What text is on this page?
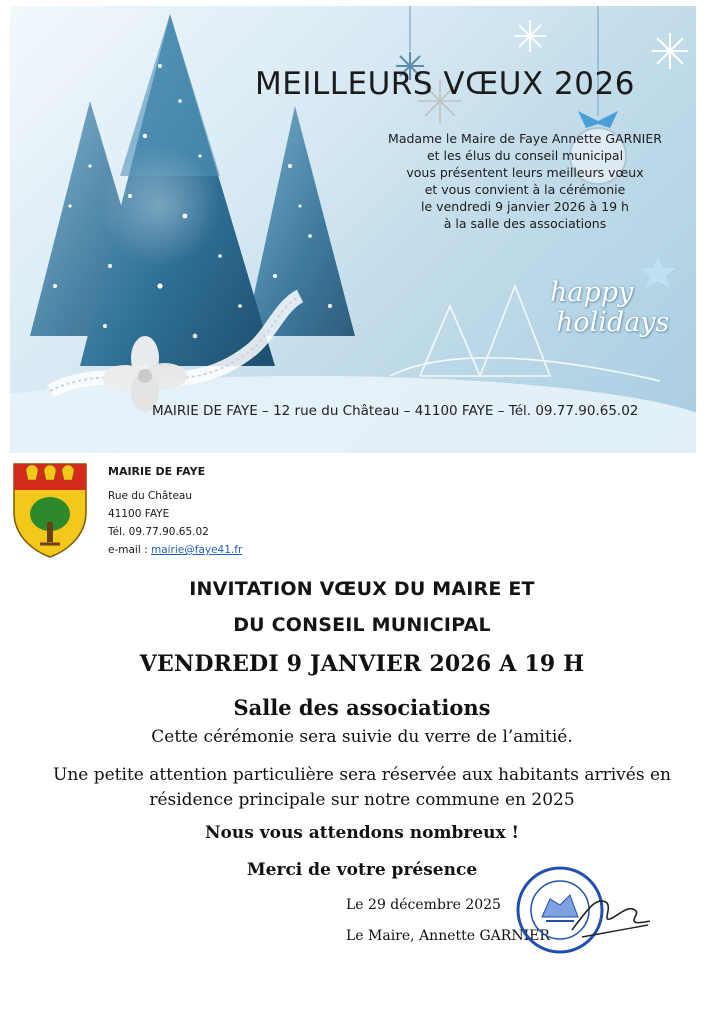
MEILLEURS VŒUX 2026
Madame le Maire de Faye Annette GARNIER
et les élus du conseil municipal
vous présentent leurs meilleurs vœux
et vous convient à la cérémonie
le vendredi 9 janvier 2026 à 19 h
à la salle des associations
happy
holidays
MAIRIE DE FAYE – 12 rue du Château – 41100 FAYE – Tél. 09.77.90.65.02
MAIRIE DE FAYE
Rue du Château
41100 FAYE
Tél. 09.77.90.65.02
e-mail : mairie@faye41.fr
INVITATION VŒUX DU MAIRE ET
DU CONSEIL MUNICIPAL
VENDREDI 9 JANVIER 2026 A 19 H
Salle des associations
Cette cérémonie sera suivie du verre de l’amitié.
Une petite attention particulière sera réservée aux habitants arrivés en
résidence principale sur notre commune en 2025
Nous vous attendons nombreux !
Merci de votre présence
Le 29 décembre 2025
Le Maire, Annette GARNIER
